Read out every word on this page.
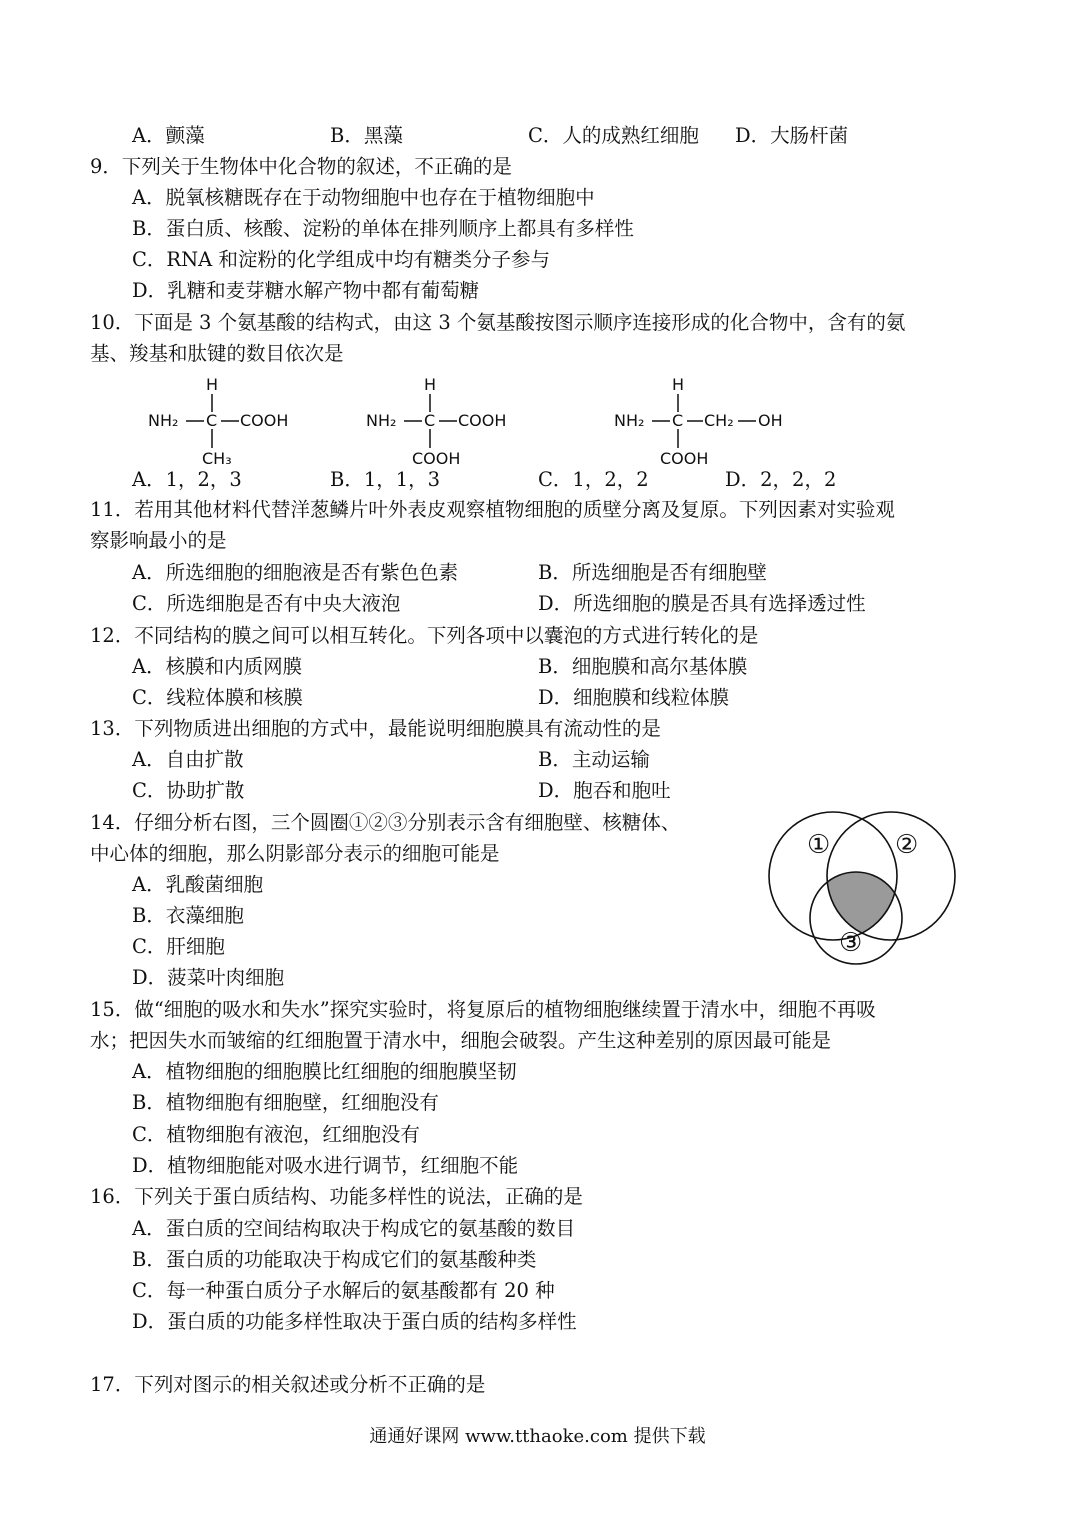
A．颤藻	B．黑藻	C．人的成熟红细胞 D．大肠杆菌
9．下列关于生物体中化合物的叙述，不正确的是
A．脱氧核糖既存在于动物细胞中也存在于植物细胞中
B．蛋白质、核酸、淀粉的单体在排列顺序上都具有多样性
C．RNA 和淀粉的化学组成中均有糖类分子参与
D．乳糖和麦芽糖水解产物中都有葡萄糖
10．下面是 3 个氨基酸的结构式，由这 3 个氨基酸按图示顺序连接形成的化合物中，含有的氨
基、羧基和肽键的数目依次是
H
NH₂ C COOH
CH₃
H
NH₂ C COOH
COOH
H
NH₂ C CH₂ OH
COOH
A．1，2，3	B．1，1，3	C．1，2，2	D．2，2，2
11．若用其他材料代替洋葱鳞片叶外表皮观察植物细胞的质壁分离及复原。下列因素对实验观
察影响最小的是
A．所选细胞的细胞液是否有紫色色素	B．所选细胞是否有细胞壁
C．所选细胞是否有中央大液泡	D．所选细胞的膜是否具有选择透过性
12．不同结构的膜之间可以相互转化。下列各项中以囊泡的方式进行转化的是
A．核膜和内质网膜	B．细胞膜和高尔基体膜
C．线粒体膜和核膜	D．细胞膜和线粒体膜
13．下列物质进出细胞的方式中，最能说明细胞膜具有流动性的是
A．自由扩散	B．主动运输
C．协助扩散	D．胞吞和胞吐
14．仔细分析右图，三个圆圈①②③分别表示含有细胞壁、核糖体、
中心体的细胞，那么阴影部分表示的细胞可能是
A．乳酸菌细胞
B．衣藻细胞
C．肝细胞
D．菠菜叶肉细胞
① ②
③
15．做“细胞的吸水和失水”探究实验时，将复原后的植物细胞继续置于清水中，细胞不再吸
水；把因失水而皱缩的红细胞置于清水中，细胞会破裂。产生这种差别的原因最可能是
A．植物细胞的细胞膜比红细胞的细胞膜坚韧
B．植物细胞有细胞壁，红细胞没有
C．植物细胞有液泡，红细胞没有
D．植物细胞能对吸水进行调节，红细胞不能
16．下列关于蛋白质结构、功能多样性的说法，正确的是
A．蛋白质的空间结构取决于构成它的氨基酸的数目
B．蛋白质的功能取决于构成它们的氨基酸种类
C．每一种蛋白质分子水解后的氨基酸都有 20 种
D．蛋白质的功能多样性取决于蛋白质的结构多样性
17．下列对图示的相关叙述或分析不正确的是
通通好课网 www.tthaoke.com 提供下载
